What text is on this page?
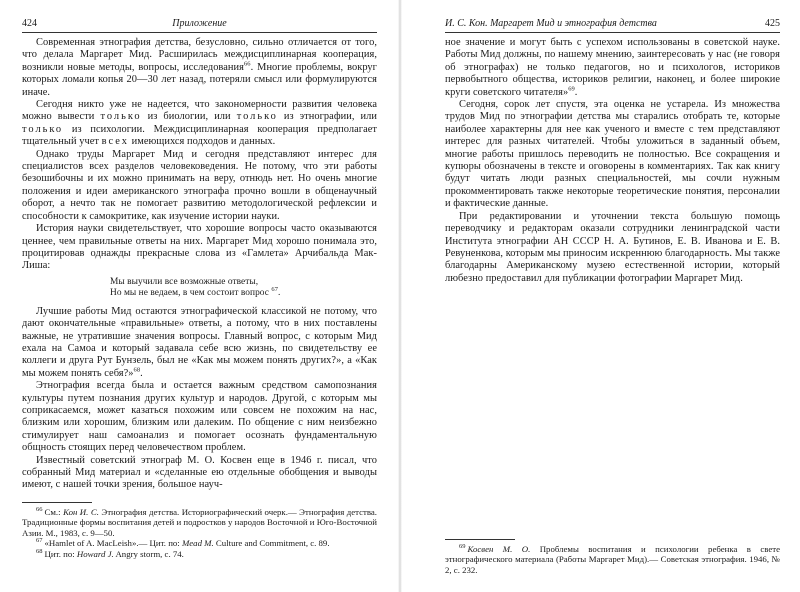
424	Приложение

Современная этнография детства, безусловно, сильно отличается от того, что делала Маргарет Мид. Расширилась междисциплинарная кооперация, возникли новые методы, вопросы, исследования$^{66}$. Многие проблемы, вокруг которых ломали копья 20—30 лет назад, потеряли смысл или формулируются иначе.

Сегодня никто уже не надеется, что закономерности развития человека можно вывести только из биологии, или только из этнографии, или только из психологии. Междисциплинарная кооперация предполагает тщательный учет всех имеющихся подходов и данных.

Однако труды Маргарет Мид и сегодня представляют интерес для специалистов всех разделов человековедения. Не потому, что эти работы безошибочны и их можно принимать на веру, отнюдь нет. Но очень многие положения и идеи американского этнографа прочно вошли в общенаучный оборот, а нечто так не помогает развитию методологической рефлексии и способности к самокритике, как изучение истории науки.

История науки свидетельствует, что хорошие вопросы часто оказываются ценнее, чем правильные ответы на них. Маргарет Мид хорошо понимала это, процитировав однажды прекрасные слова из «Гамлета» Арчибальда Мак-Лиша:

Мы выучили все возможные ответы,
Но мы не ведаем, в чем состоит вопрос $^{67}$.

Лучшие работы Мид остаются этнографической классикой не потому, что дают окончательные «правильные» ответы, а потому, что в них поставлены важные, не утратившие значения вопросы. Главный вопрос, с которым Мид ехала на Самоа и который задавала себе всю жизнь, по свидетельству ее коллеги и друга Рут Бунзель, был не «Как мы можем понять других?», а «Как мы можем понять себя?»$^{68}$.

Этнография всегда была и остается важным средством самопознания культуры путем познания других культур и народов. Другой, с которым мы соприкасаемся, может казаться похожим или совсем не похожим на нас, близким или хорошим, близким или далеким. По общение с ним неизбежно стимулирует наш самоанализ и помогает осознать фундаментальную общность стоящих перед человечеством проблем.

Известный советский этнограф М. О. Косвен еще в 1946 г. писал, что собранный Мид материал и «сделанные ею отдельные обобщения и выводы имеют, с нашей точки зрения, большое науч-

$^{66}$ См.: Кон И. С. Этнография детства. Историографический очерк.— Этнография детства. Традиционные формы воспитания детей и подростков у народов Восточной и Юго-Восточной Азии. М., 1983, с. 9—50.

$^{67}$ «Hamlet of A. MacLeish».— Цит. по: Mead M. Culture and Commitment, с. 89.

$^{68}$ Цит. по: Howard J. Angry storm, с. 74.

И. С. Кон. Маргарет Мид и этнография детства	425

ное значение и могут быть с успехом использованы в советской науке. Работы Мид должны, по нашему мнению, заинтересовать у нас (не говоря об этнографах) не только педагогов, но и психологов, историков первобытного общества, историков религии, наконец, и более широкие круги советского читателя»$^{69}$.

Сегодня, сорок лет спустя, эта оценка не устарела. Из множества трудов Мид по этнографии детства мы старались отобрать те, которые наиболее характерны для нее как ученого и вместе с тем представляют интерес для разных читателей. Чтобы уложиться в заданный объем, многие работы пришлось переводить не полностью. Все сокращения и купюры обозначены в тексте и оговорены в комментариях. Так как книгу будут читать люди разных специальностей, мы сочли нужным прокомментировать также некоторые теоретические понятия, персоналии и фактические данные.

При редактировании и уточнении текста большую помощь переводчику и редакторам оказали сотрудники ленинградской части Института этнографии АН СССР Н. А. Бутинов, Е. В. Иванова и Е. В. Ревуненкова, которым мы приносим искреннюю благодарность. Мы также благодарны Американскому музею естественной истории, который любезно предоставил для публикации фотографии Маргарет Мид.

$^{69}$ Косвен М. О. Проблемы воспитания и психологии ребенка в свете этнографического материала (Работы Маргарет Мид).— Советская этнография. 1946, № 2, с. 232.
